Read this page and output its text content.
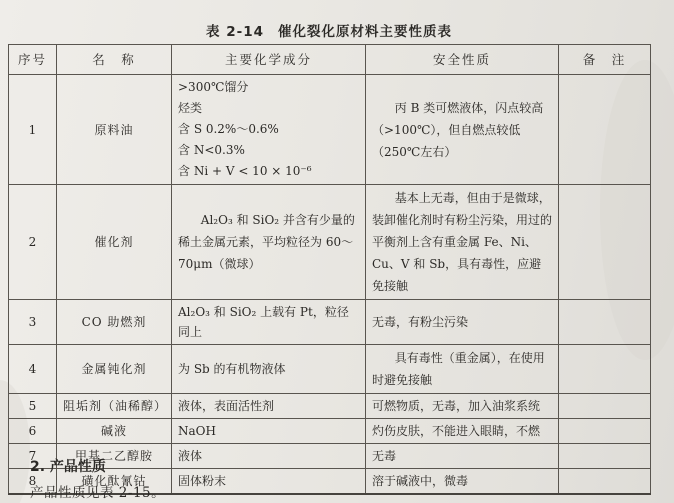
表 2-14 催化裂化原材料主要性质表
序号	名　称	主要化学成分	安全性质	备　注
1	原料油	>300℃馏分
烃类
含 S 0.2%～0.6%
含 N<0.3%
含 Ni + V < 10 × 10⁻⁶	丙 B 类可燃液体，闪点较高（>100℃），但自燃点较低（250℃左右）	
2	催化剂	Al₂O₃ 和 SiO₂ 并含有少量的稀土金属元素，平均粒径为 60～70μm（微球）	基本上无毒，但由于是微球，装卸催化剂时有粉尘污染，用过的平衡剂上含有重金属 Fe、Ni、Cu、V 和 Sb，具有毒性，应避免接触	
3	CO 助燃剂	Al₂O₃ 和 SiO₂ 上载有 Pt，粒径同上	无毒，有粉尘污染	
4	金属钝化剂	为 Sb 的有机物液体	具有毒性（重金属），在使用时避免接触	
5	阻垢剂（油稀醇）	液体，表面活性剂	可燃物质，无毒，加入油浆系统	
6	碱液	NaOH	灼伤皮肤，不能进入眼睛，不燃	
7	甲基二乙醇胺	液体	无毒	
8	磺化酞氰钴	固体粉末	溶于碱液中，微毒	
2. 产品性质
产品性质见表 2-15。
